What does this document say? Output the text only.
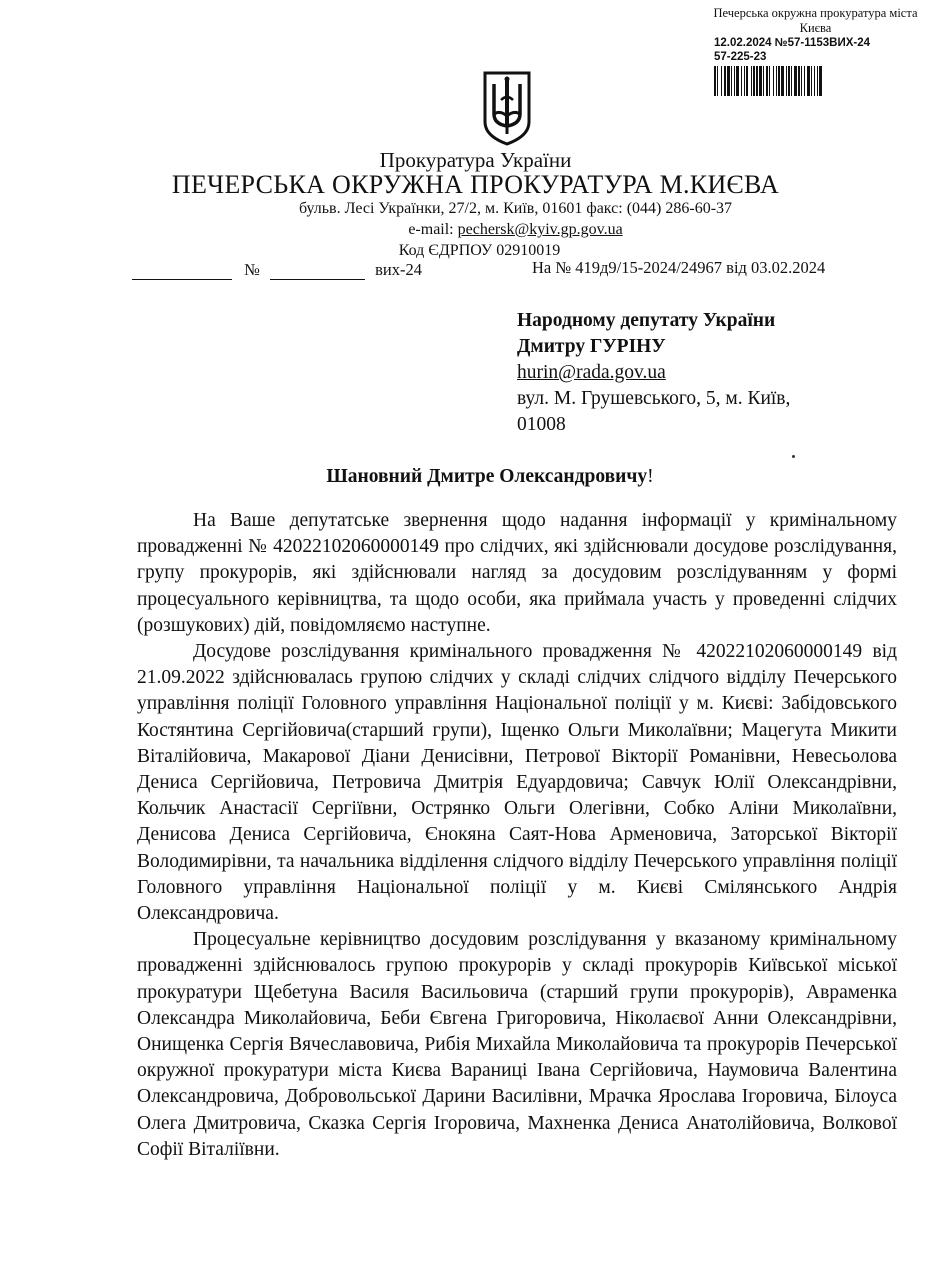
Печерська окружна прокуратура міста Києва
12.02.2024 №57-1153ВИХ-24
57-225-23
Прокуратура України
ПЕЧЕРСЬКА ОКРУЖНА ПРОКУРАТУРА М.КИЄВА
бульв. Лесі Українки, 27/2, м. Київ, 01601 факс: (044) 286-60-37
e-mail: pechersk@kyiv.gp.gov.ua
Код ЄДРПОУ 02910019
№	вих-24	На № 419д9/15-2024/24967 від 03.02.2024
Народному депутату України
Дмитру ГУРІНУ
hurin@rada.gov.ua
вул. М. Грушевського, 5, м. Київ,
01008
Шановний Дмитре Олександровичу!

На Ваше депутатське звернення щодо надання інформації у кримінальному провадженні № 42022102060000149 про слідчих, які здійснювали досудове розслідування, групу прокурорів, які здійснювали нагляд за досудовим розслідуванням у формі процесуального керівництва, та щодо особи, яка приймала участь у проведенні слідчих (розшукових) дій, повідомляємо наступне.

Досудове розслідування кримінального провадження № 42022102060000149 від 21.09.2022 здійснювалась групою слідчих у складі слідчих слідчого відділу Печерського управління поліції Головного управління Національної поліції у м. Києві: Забідовського Костянтина Сергійовича(старший групи), Іщенко Ольги Миколаївни; Мацегута Микити Віталійовича, Макарової Діани Денисівни, Петрової Вікторії Романівни, Невесьолова Дениса Сергійовича, Петровича Дмитрія Едуардовича; Савчук Юлії Олександрівни, Кольчик Анастасії Сергіївни, Острянко Ольги Олегівни, Собко Аліни Миколаївни, Денисова Дениса Сергійовича, Єнокяна Саят-Нова Арменовича, Заторської Вікторії Володимирівни, та начальника відділення слідчого відділу Печерського управління поліції Головного управління Національної поліції у м. Києві Смілянського Андрія Олександровича.

Процесуальне керівництво досудовим розслідування у вказаному кримінальному провадженні здійснювалось групою прокурорів у складі прокурорів Київської міської прокуратури Щебетуна Василя Васильовича (старший групи прокурорів), Авраменка Олександра Миколайовича, Беби Євгена Григоровича, Ніколаєвої Анни Олександрівни, Онищенка Сергія Вячеславовича, Рибія Михайла Миколайовича та прокурорів Печерської окружної прокуратури міста Києва Вараниці Івана Сергійовича, Наумовича Валентина Олександровича, Добровольської Дарини Василівни, Мрачка Ярослава Ігоровича, Білоуса Олега Дмитровича, Сказка Сергія Ігоровича, Махненка Дениса Анатолійовича, Волкової Софії Віталіївни.
